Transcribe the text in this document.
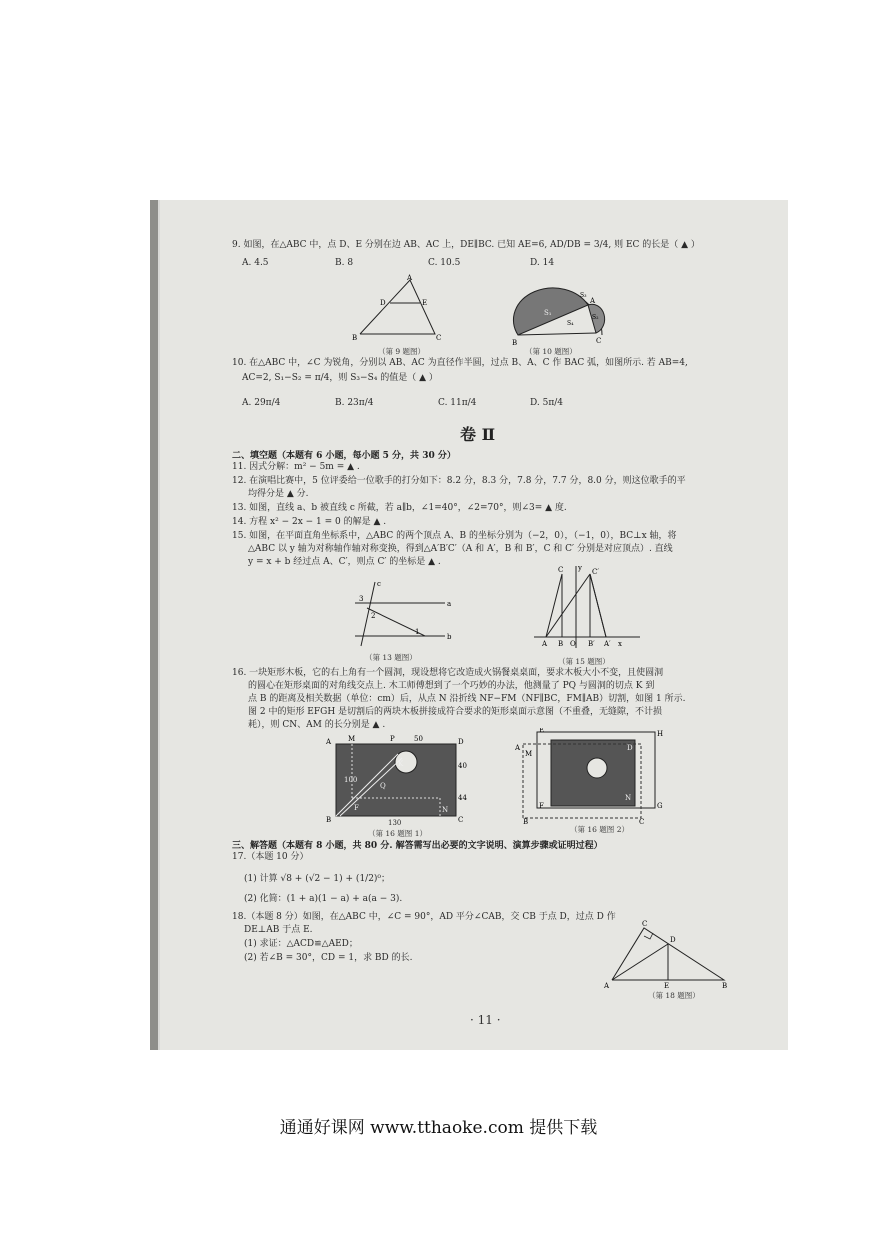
9. 如图，在△ABC 中，点 D、E 分别在边 AB、AC 上，DE∥BC. 已知 AE=6, AD/DB = 3/4, 则 EC 的长是（ ▲ ）
A. 4.5	B. 8	C. 10.5	D. 14
A
D	E
B	C
（第 9 题图）
S₁
S₄
S₂
S₃
A
B	C
（第 10 题图）
10. 在△ABC 中，∠C 为锐角，分别以 AB、AC 为直径作半圆，过点 B、A、C 作 BAC 弧，如图所示. 若 AB=4,
AC=2, S₁−S₂ = π/4，则 S₃−S₄ 的值是（ ▲ ）
A. 29π/4	B. 23π/4	C. 11π/4	D. 5π/4
卷 Ⅱ
二、填空题（本题有 6 小题，每小题 5 分，共 30 分）
11. 因式分解：m² − 5m = ▲ .
12. 在演唱比赛中，5 位评委给一位歌手的打分如下：8.2 分，8.3 分，7.8 分，7.7 分，8.0 分，则这位歌手的平
均得分是 ▲ 分.
13. 如图，直线 a、b 被直线 c 所截，若 a∥b，∠1=40°，∠2=70°，则∠3= ▲ 度.
14. 方程 x² − 2x − 1 = 0 的解是 ▲ .
15. 如图，在平面直角坐标系中，△ABC 的两个顶点 A、B 的坐标分别为（−2，0），（−1，0），BC⊥x 轴，将
△ABC 以 y 轴为对称轴作轴对称变换，得到△A′B′C′（A 和 A′，B 和 B′，C 和 C′ 分别是对应顶点）. 直线
y = x + b 经过点 A、C′，则点 C′ 的坐标是 ▲ .
c
a
b
3
2
1
（第 13 题图）
C	C′
y
A B O B′ A′ x
（第 15 题图）
16. 一块矩形木板，它的右上角有一个圆洞，现设想将它改造成火锅餐桌桌面，要求木板大小不变，且使圆洞
的圆心在矩形桌面的对角线交点上. 木工师傅想到了一个巧妙的办法，他测量了 PQ 与圆洞的切点 K 到
点 B 的距离及相关数据（单位：cm）后，从点 N 沿折线 NF−FM（NF∥BC，FM∥AB）切割，如图 1 所示.
图 2 中的矩形 EFGH 是切割后的两块木板拼接成符合要求的矩形桌面示意图（不重叠，无缝隙，不计损
耗），则 CN、AM 的长分别是 ▲ .
A M	P	D
B	C
K
N
F
Q
50
40
44
100
130
（第 16 题图 1）
E	H
A
M
D
F	G
N
B	C
（第 16 题图 2）
三、解答题（本题有 8 小题，共 80 分. 解答需写出必要的文字说明、演算步骤或证明过程）
17.（本题 10 分）
(1) 计算 √8 + (√2 − 1) + (1/2)⁰；
(2) 化简：(1 + a)(1 − a) + a(a − 3).
18.（本题 8 分）如图，在△ABC 中，∠C = 90°，AD 平分∠CAB，交 CB 于点 D，过点 D 作
DE⊥AB 于点 E.
(1) 求证：△ACD≌△AED；
(2) 若∠B = 30°，CD = 1，求 BD 的长.
C
D
A	E	B
（第 18 题图）
· 11 ·
通通好课网 www.tthaoke.com 提供下载
